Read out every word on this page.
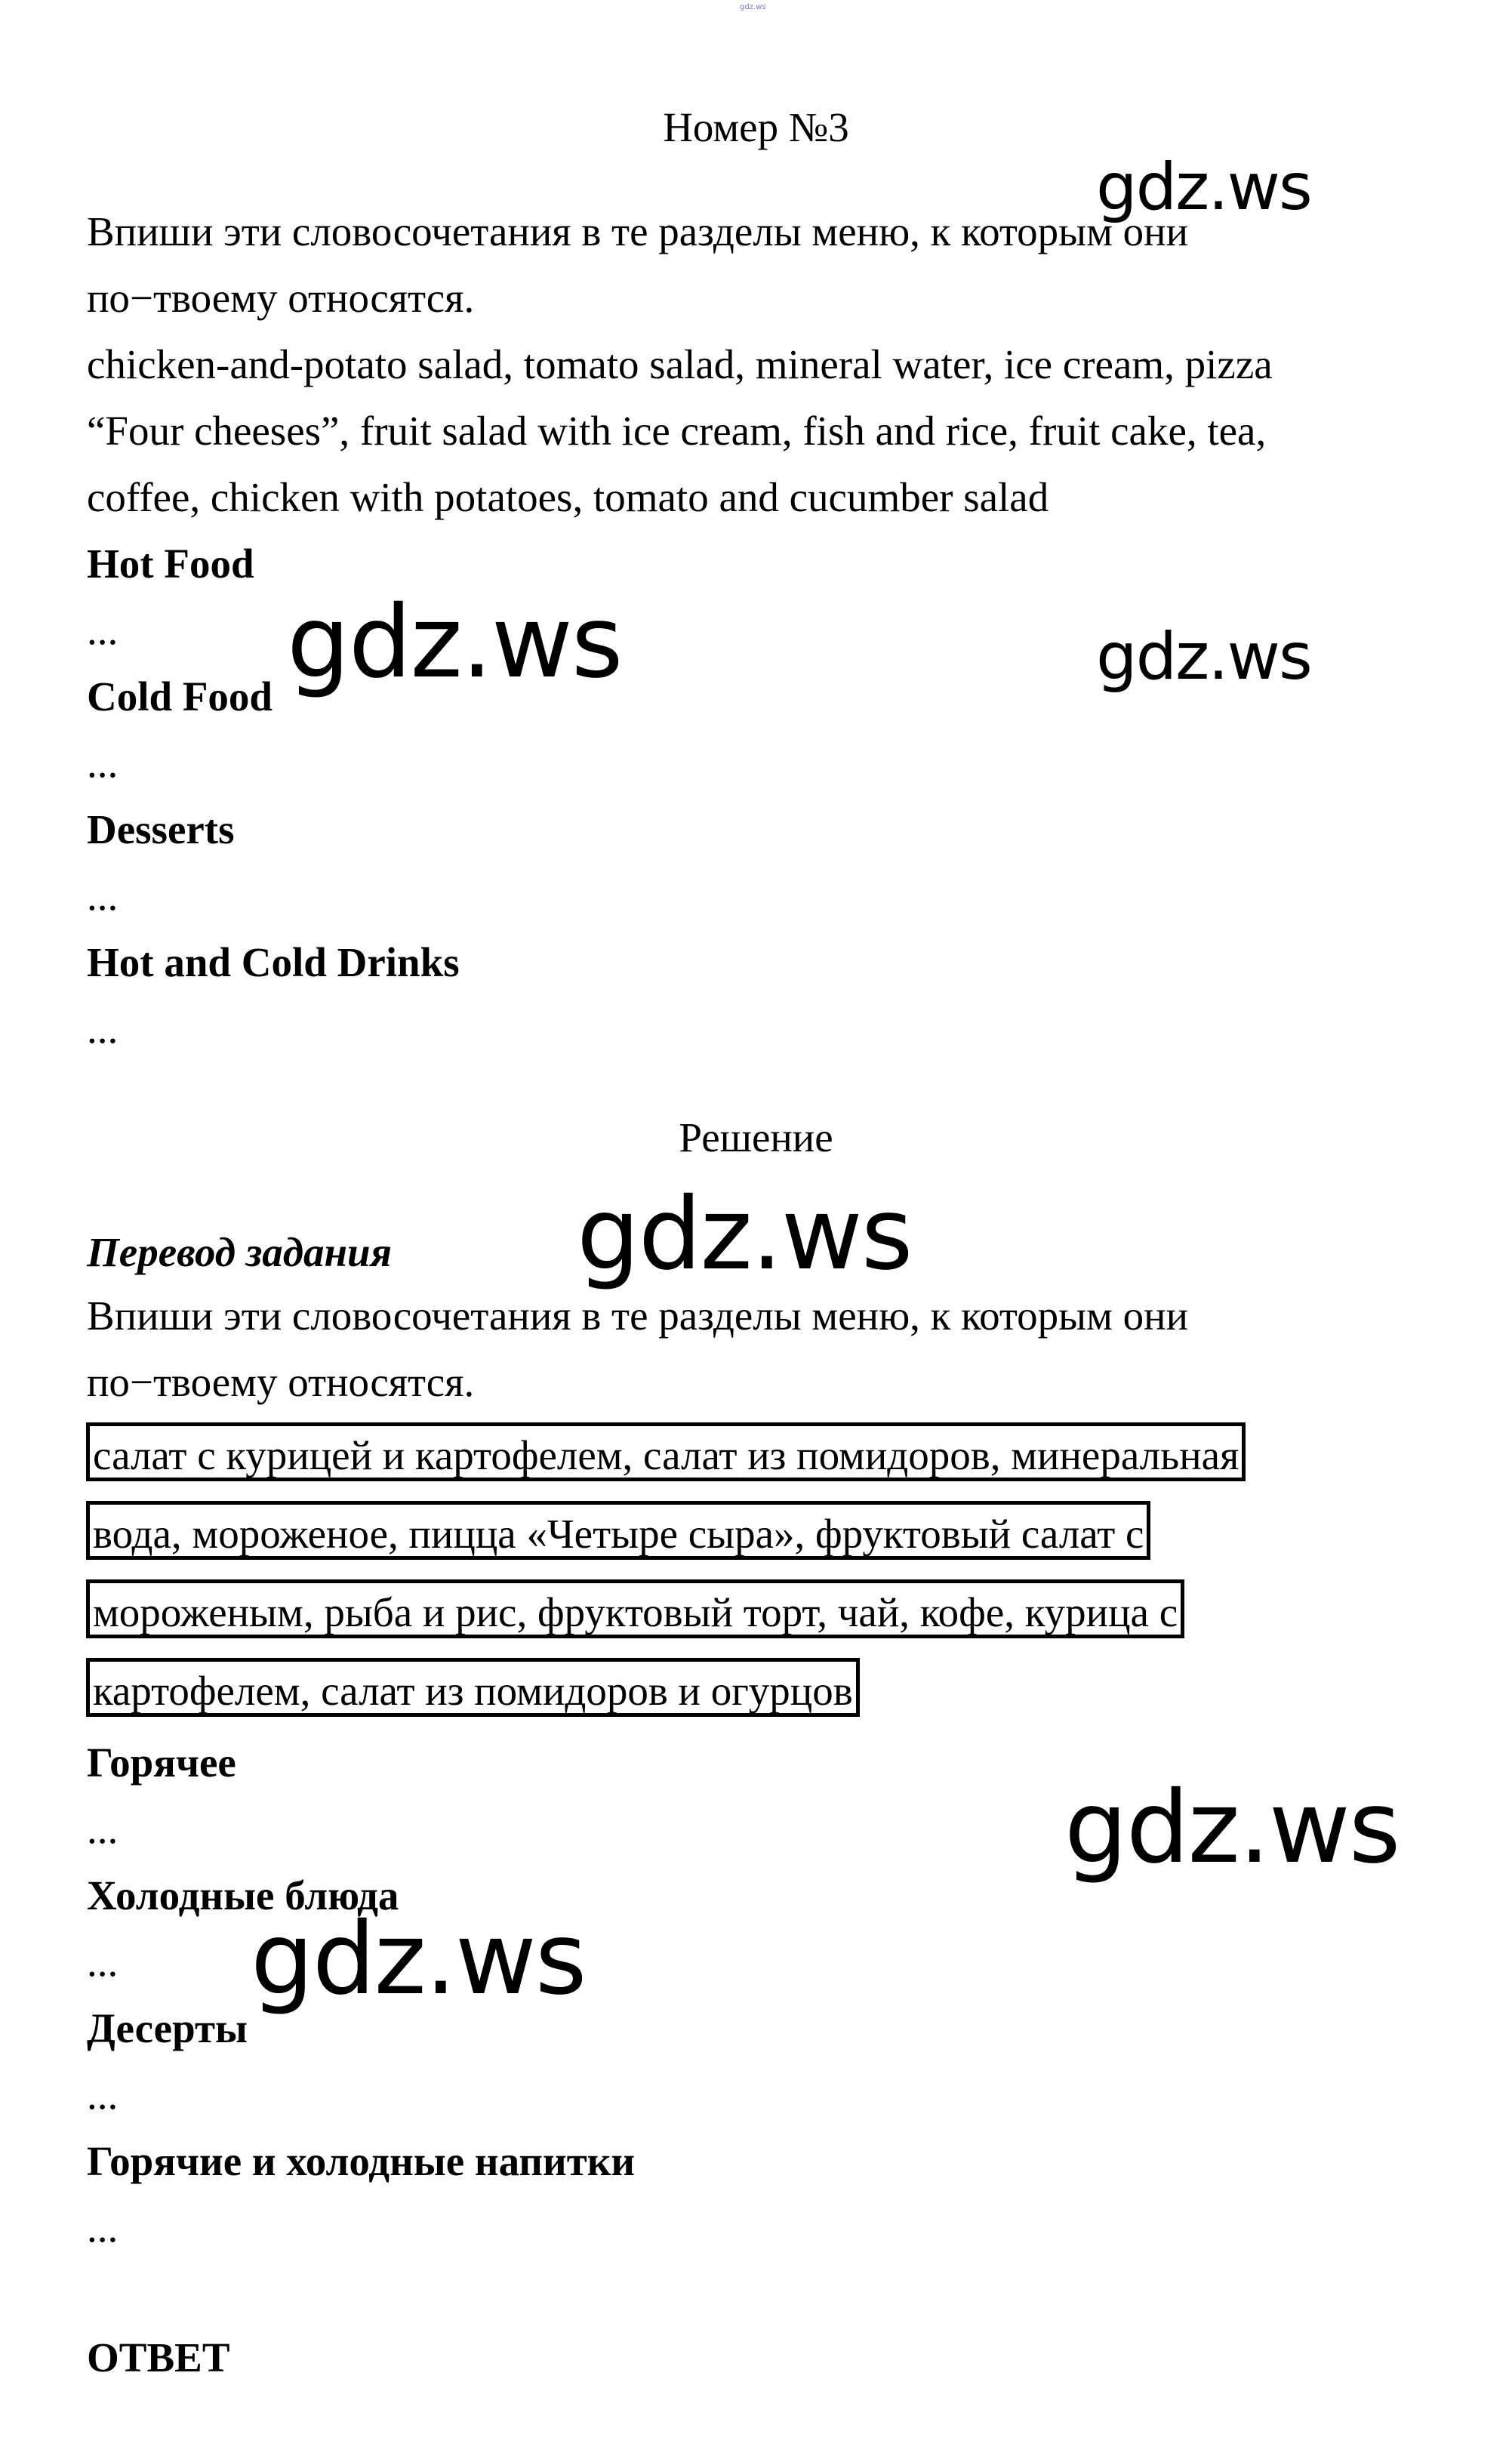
gdz.ws
Номер №3
Впиши эти словосочетания в те разделы меню, к которым они
по−твоему относятся.
chicken-and-potato salad, tomato salad, mineral water, ice cream, pizza
“Four cheeses”, fruit salad with ice cream, fish and rice, fruit cake, tea,
coffee, chicken with potatoes, tomato and cucumber salad
Hot Food
...
Cold Food
...
Desserts
...
Hot and Cold Drinks
...
Решение
Перевод задания
Впиши эти словосочетания в те разделы меню, к которым они
по−твоему относятся.
салат с курицей и картофелем, салат из помидоров, минеральная
вода, мороженое, пицца «Четыре сыра», фруктовый салат с
мороженым, рыба и рис, фруктовый торт, чай, кофе, курица с
картофелем, салат из помидоров и огурцов
Горячее
...
Холодные блюда
...
Десерты
...
Горячие и холодные напитки
...
ОТВЕТ
gdz.ws
gdz.ws	gdz.ws
gdz.ws
gdz.ws
gdz.ws
